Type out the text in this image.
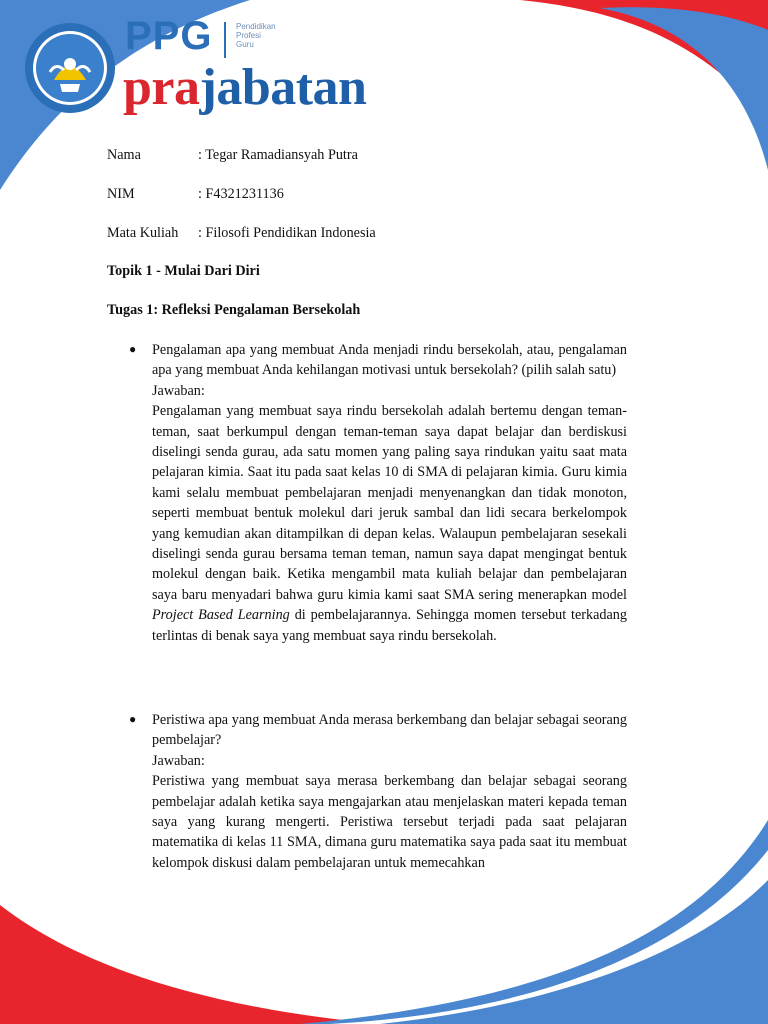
PPG	Pendidikan
Profesi
Guru
prajabatan
Nama	: Tegar Ramadiansyah Putra
NIM	: F4321231136
Mata Kuliah : Filosofi Pendidikan Indonesia
Topik 1 - Mulai Dari Diri
Tugas 1: Refleksi Pengalaman Bersekolah
● Pengalaman apa yang membuat Anda menjadi rindu bersekolah, atau, pengalaman apa yang membuat Anda kehilangan motivasi untuk bersekolah? (pilih salah satu)

Jawaban:

Pengalaman yang membuat saya rindu bersekolah adalah bertemu dengan teman-teman, saat berkumpul dengan teman-teman saya dapat belajar dan berdiskusi diselingi senda gurau, ada satu momen yang paling saya rindukan yaitu saat mata pelajaran kimia. Saat itu pada saat kelas 10 di SMA di pelajaran kimia. Guru kimia kami selalu membuat pembelajaran menjadi menyenangkan dan tidak monoton, seperti membuat bentuk molekul dari jeruk sambal dan lidi secara berkelompok yang kemudian akan ditampilkan di depan kelas. Walaupun pembelajaran sesekali diselingi senda gurau bersama teman teman, namun saya dapat mengingat bentuk molekul dengan baik. Ketika mengambil mata kuliah belajar dan pembelajaran saya baru menyadari bahwa guru kimia kami saat SMA sering menerapkan model Project Based Learning di pembelajarannya. Sehingga momen tersebut terkadang terlintas di benak saya yang membuat saya rindu bersekolah.

● Peristiwa apa yang membuat Anda merasa berkembang dan belajar sebagai seorang pembelajar?

Jawaban:

Peristiwa yang membuat saya merasa berkembang dan belajar sebagai seorang pembelajar adalah ketika saya mengajarkan atau menjelaskan materi kepada teman saya yang kurang mengerti. Peristiwa tersebut terjadi pada saat pelajaran matematika di kelas 11 SMA, dimana guru matematika saya pada saat itu membuat kelompok diskusi dalam pembelajaran untuk memecahkan
